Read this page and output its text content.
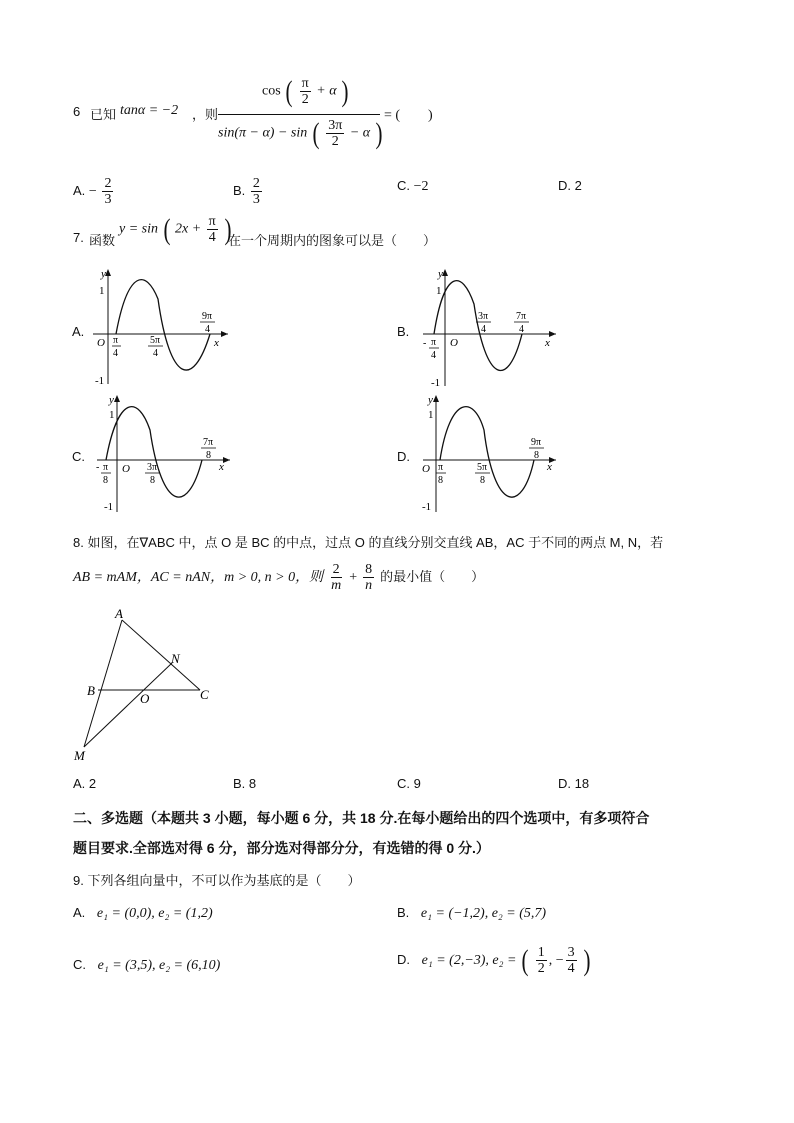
6 已知 tanα = −2 ，则
cos ( $\frac{\pi}{2} + \alpha$ )
sin(π − α) − sin ( $\frac{3\pi}{2} - \alpha$ )
= (　　)
A. − $\frac{2}{3}$	B. $\frac{2}{3}$	C. −2	D. 2
7. 函数
y = sin ( $2x + \frac{\pi}{4}$ )
在一个周期内的图象可以是（　　）
A.
y
x
O
1
-1
π
4
5π
4
9π
4	B.
y
x
O
1
-1
- π
4
3π
4
7π
4
C.
y
x
O
1
-1
- π
8
3π
8
7π
8	D.
y
x
O
1
-1
π
8
5π
8
9π
8
8. 如图，在∇ABC 中，点 O 是 BC 的中点，过点 O 的直线分别交直线 AB，AC 于不同的两点 M, N，若
AB = mAM，AC = nAN，m > 0, n > 0，则 $\frac{2}{m} + \frac{8}{n}$ 的最小值（　　）
A
B	C
M
N
O
A. 2	B. 8	C. 9	D. 18
二、多选题（本题共 3 小题，每小题 6 分，共 18 分.在每小题给出的四个选项中，有多项符合
题目要求.全部选对得 6 分，部分选对得部分分，有选错的得 0 分.）
9. 下列各组向量中，不可以作为基底的是（　　）
A. e₁ = (0,0), e₂ = (1,2)	B. e₁ = (−1,2), e₂ = (5,7)
C. e₁ = (3,5), e₂ = (6,10)	D. e₁ = (2,−3), e₂ = ( $\frac{1}{2}$ , − $\frac{3}{4}$ )
